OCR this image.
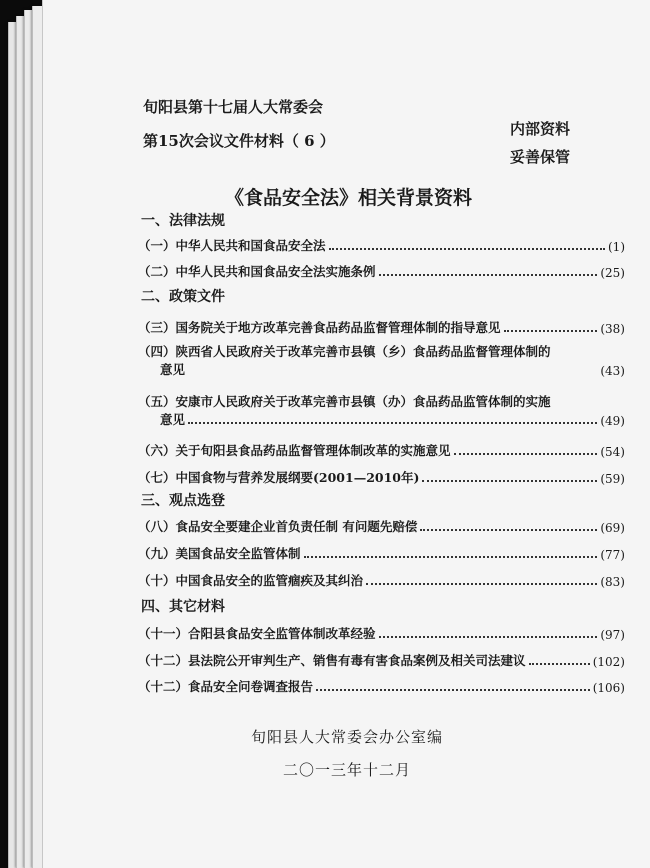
旬阳县第十七届人大常委会
第15次会议文件材料（ 6 ）
内部资料
妥善保管
《食品安全法》相关背景资料
一、法律法规
（一）中华人民共和国食品安全法	(1)
（二）中华人民共和国食品安全法实施条例	(25)
二、政策文件
（三）国务院关于地方改革完善食品药品监督管理体制的指导意见	(38)
（四）陕西省人民政府关于改革完善市县镇（乡）食品药品监督管理体制的
意见	(43)
（五）安康市人民政府关于改革完善市县镇（办）食品药品监管体制的实施
意见	(49)
（六）关于旬阳县食品药品监督管理体制改革的实施意见	(54)
（七）中国食物与营养发展纲要(2001—2010年)	(59)
三、观点选登
（八）食品安全要建企业首负责任制 有问题先赔偿	(69)
（九）美国食品安全监管体制	(77)
（十）中国食品安全的监管痼疾及其纠治	(83)
四、其它材料
（十一）合阳县食品安全监管体制改革经验	(97)
（十二）县法院公开审判生产、销售有毒有害食品案例及相关司法建议	(102)
（十二）食品安全问卷调查报告	(106)
旬阳县人大常委会办公室编
二〇一三年十二月
